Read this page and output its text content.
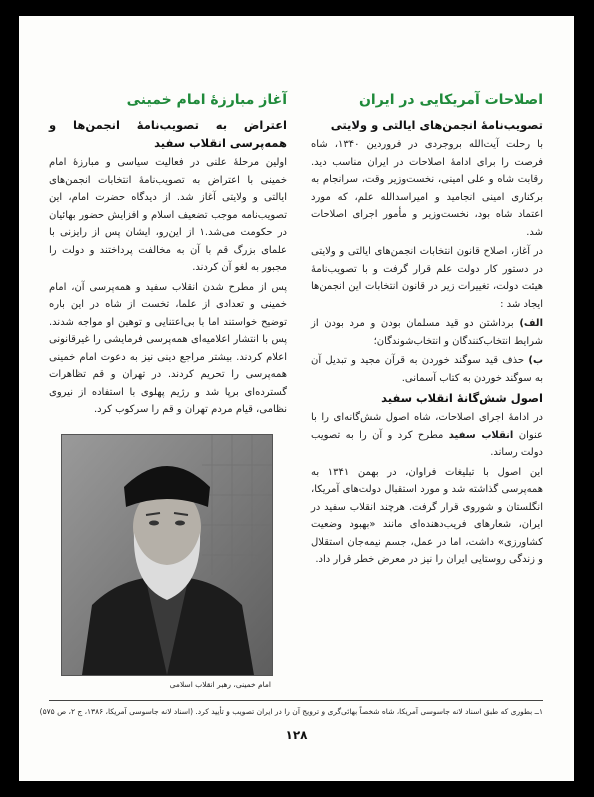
اصلاحات آمریکایی در ایران
تصویب‌نامهٔ انجمن‌های ایالتی و ولایتی
با رحلت آیت‌الله بروجردی در فروردین ۱۳۴۰، شاه فرصت را برای ادامهٔ اصلاحات در ایران مناسب دید. رقابت شاه و علی امینی، نخست‌وزیر وقت، سرانجام به برکناری امینی انجامید و امیراسدالله علم، که مورد اعتماد شاه بود، نخست‌وزیر و مأمور اجرای اصلاحات شد.
در آغاز، اصلاح قانون انتخابات انجمن‌های ایالتی و ولایتی در دستور کار دولت علم قرار گرفت و با تصویب‌نامهٔ هیئت دولت، تغییرات زیر در قانون انتخابات این انجمن‌ها ایجاد شد :
الف) برداشتن دو قید مسلمان بودن و مرد بودن از شرایط انتخاب‌کنندگان و انتخاب‌شوندگان؛
ب) حذف قید سوگند خوردن به قرآن مجید و تبدیل آن به سوگند خوردن به کتاب آسمانی.
اصول شش‌گانهٔ انقلاب سفید
در ادامهٔ اجرای اصلاحات، شاه اصول شش‌گانه‌ای را با عنوان انقلاب سفید مطرح کرد و آن را به تصویب دولت رساند.
این اصول با تبلیغات فراوان، در بهمن ۱۳۴۱ به همه‌پرسی گذاشته شد و مورد استقبال دولت‌های آمریکا، انگلستان و شوروی قرار گرفت. هرچند انقلاب سفید در ایران، شعارهای فریب‌دهنده‌ای مانند «بهبود وضعیت کشاورزی» داشت، اما در عمل، جسم نیمه‌جان استقلال و زندگی روستایی ایران را نیز در معرض خطر قرار داد.
آغاز مبارزهٔ امام خمینی
اعتراض به تصویب‌نامهٔ انجمن‌ها و همه‌پرسی انقلاب سفید
اولین مرحلهٔ علنی در فعالیت سیاسی و مبارزهٔ امام خمینی با اعتراض به تصویب‌نامهٔ انتخابات انجمن‌های ایالتی و ولایتی آغاز شد. از دیدگاه حضرت امام، این تصویب‌نامه موجب تضعیف اسلام و افزایش حضور بهائیان در حکومت می‌شد.۱ از این‌رو، ایشان پس از رایزنی با علمای بزرگ قم با آن به مخالفت پرداختند و دولت را مجبور به لغو آن کردند.
پس از مطرح شدن انقلاب سفید و همه‌پرسی آن، امام خمینی و تعدادی از علما، تخست از شاه در این باره توضیح خواستند اما با بی‌اعتنایی و توهین او مواجه شدند. پس با انتشار اعلامیه‌ای همه‌پرسی فرمایشی را غیرقانونی اعلام کردند. بیشتر مراجع دینی نیز به دعوت امام خمینی همه‌پرسی را تحریم کردند. در تهران و قم تظاهرات گسترده‌ای برپا شد و رژیم پهلوی با استفاده از نیروی نظامی، قیام مردم تهران و قم را سرکوب کرد.
امام خمینی، رهبر انقلاب اسلامی
۱ــ بطوری که طبق اسناد لانه جاسوسی آمریکا، شاه شخصاً بهائی‌گری و ترویج آن را در ایران تصویب و تأیید کرد. (اسناد لانه جاسوسی آمریکا، ۱۳۸۶، ج ۲، ص ۵۷۵)
۱۲۸
